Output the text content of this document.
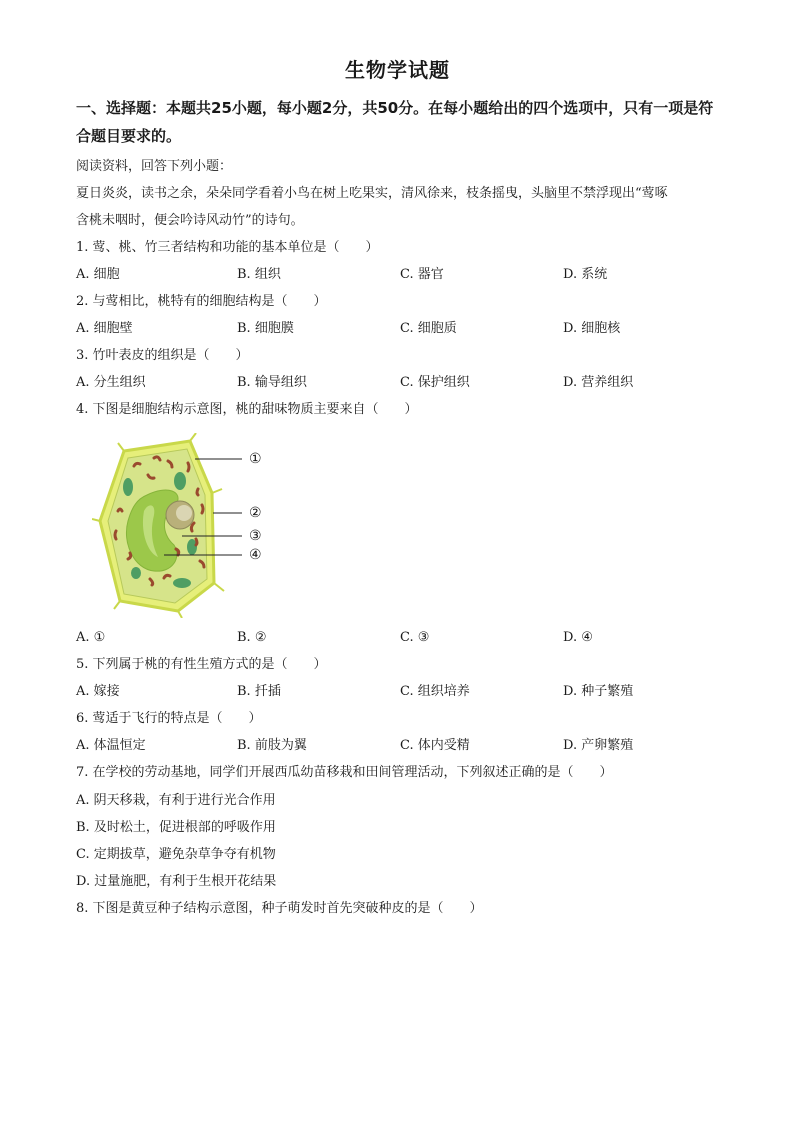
生物学试题
一、选择题：本题共25小题，每小题2分，共50分。在每小题给出的四个选项中，只有一项是符合题目要求的。
阅读资料，回答下列小题：
夏日炎炎，读书之余，朵朵同学看着小鸟在树上吃果实，清风徐来，枝条摇曳，头脑里不禁浮现出“莺啄
含桃未咽时，便会吟诗风动竹”的诗句。
1. 莺、桃、竹三者结构和功能的基本单位是（　　）
A. 细胞	B. 组织	C. 器官	D. 系统
2. 与莺相比，桃特有的细胞结构是（　　）
A. 细胞壁	B. 细胞膜	C. 细胞质	D. 细胞核
3. 竹叶表皮的组织是（　　）
A. 分生组织	B. 输导组织	C. 保护组织	D. 营养组织
4. 下图是细胞结构示意图，桃的甜味物质主要来自（　　）
①
②
③
④
A. ①	B. ②	C. ③	D. ④
5. 下列属于桃的有性生殖方式的是（　　）
A. 嫁接	B. 扦插	C. 组织培养	D. 种子繁殖
6. 莺适于飞行的特点是（　　）
A. 体温恒定	B. 前肢为翼	C. 体内受精	D. 产卵繁殖
7. 在学校的劳动基地，同学们开展西瓜幼苗移栽和田间管理活动，下列叙述正确的是（　　）
A. 阴天移栽，有利于进行光合作用
B. 及时松土，促进根部的呼吸作用
C. 定期拔草，避免杂草争夺有机物
D. 过量施肥，有利于生根开花结果
8. 下图是黄豆种子结构示意图，种子萌发时首先突破种皮的是（　　）
